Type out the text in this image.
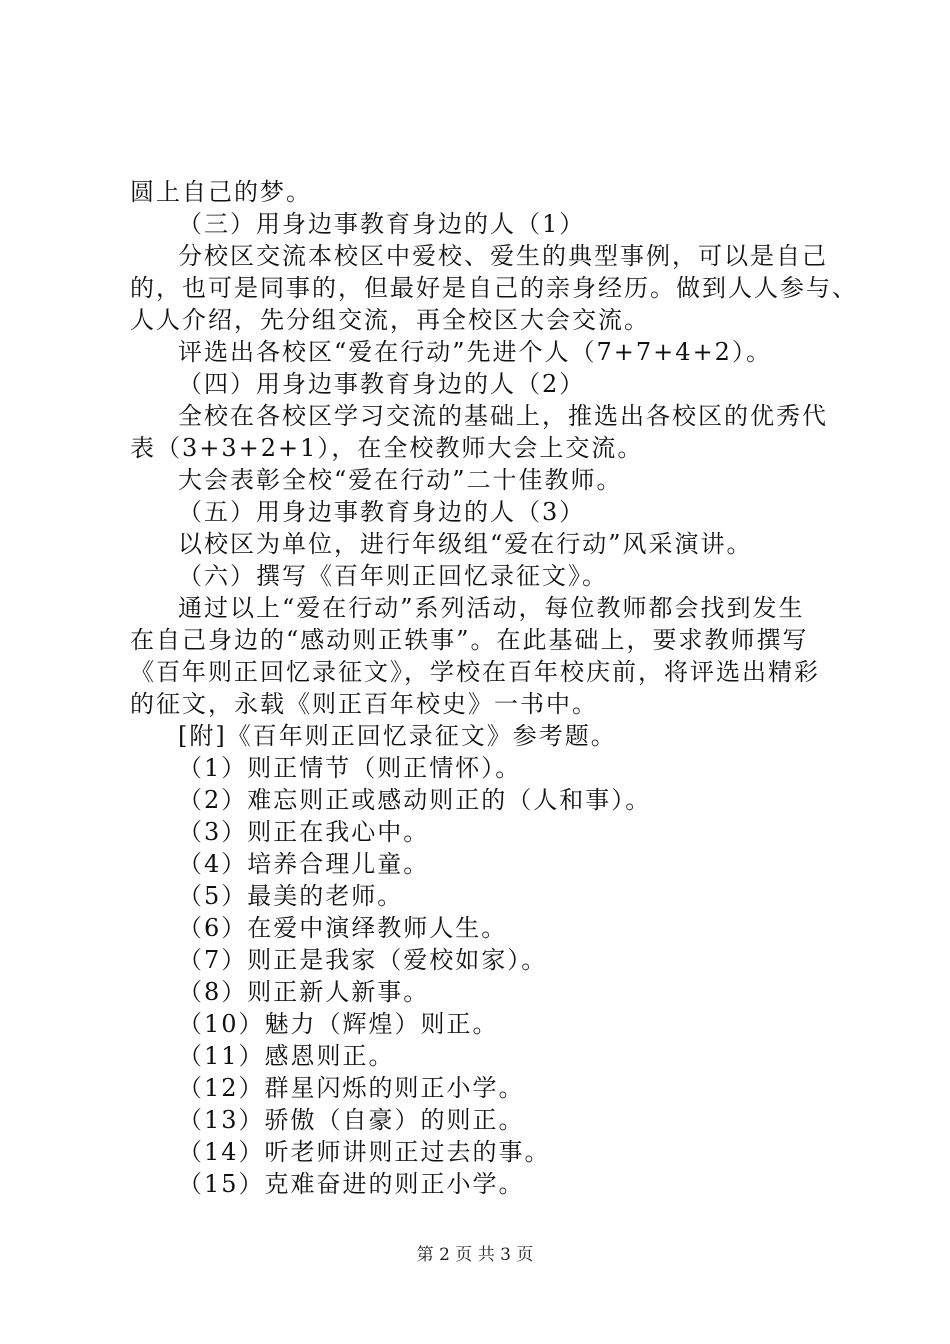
圆上自己的梦。
（三）用身边事教育身边的人（1）
分校区交流本校区中爱校、爱生的典型事例，可以是自己
的，也可是同事的，但最好是自己的亲身经历。做到人人参与、
人人介绍，先分组交流，再全校区大会交流。
评选出各校区“爱在行动”先进个人（7+7+4+2）。
（四）用身边事教育身边的人（2）
全校在各校区学习交流的基础上，推选出各校区的优秀代
表（3+3+2+1），在全校教师大会上交流。
大会表彰全校“爱在行动”二十佳教师。
（五）用身边事教育身边的人（3）
以校区为单位，进行年级组“爱在行动”风采演讲。
（六）撰写《百年则正回忆录征文》。
通过以上“爱在行动”系列活动，每位教师都会找到发生
在自己身边的“感动则正轶事”。在此基础上，要求教师撰写
《百年则正回忆录征文》，学校在百年校庆前，将评选出精彩
的征文，永载《则正百年校史》一书中。
[附]《百年则正回忆录征文》参考题。
（1）则正情节（则正情怀）。
（2）难忘则正或感动则正的（人和事）。
（3）则正在我心中。
（4）培养合理儿童。
（5）最美的老师。
（6）在爱中演绎教师人生。
（7）则正是我家（爱校如家）。
（8）则正新人新事。
（10）魅力（辉煌）则正。
（11）感恩则正。
（12）群星闪烁的则正小学。
（13）骄傲（自豪）的则正。
（14）听老师讲则正过去的事。
（15）克难奋进的则正小学。
第 2 页 共 3 页
